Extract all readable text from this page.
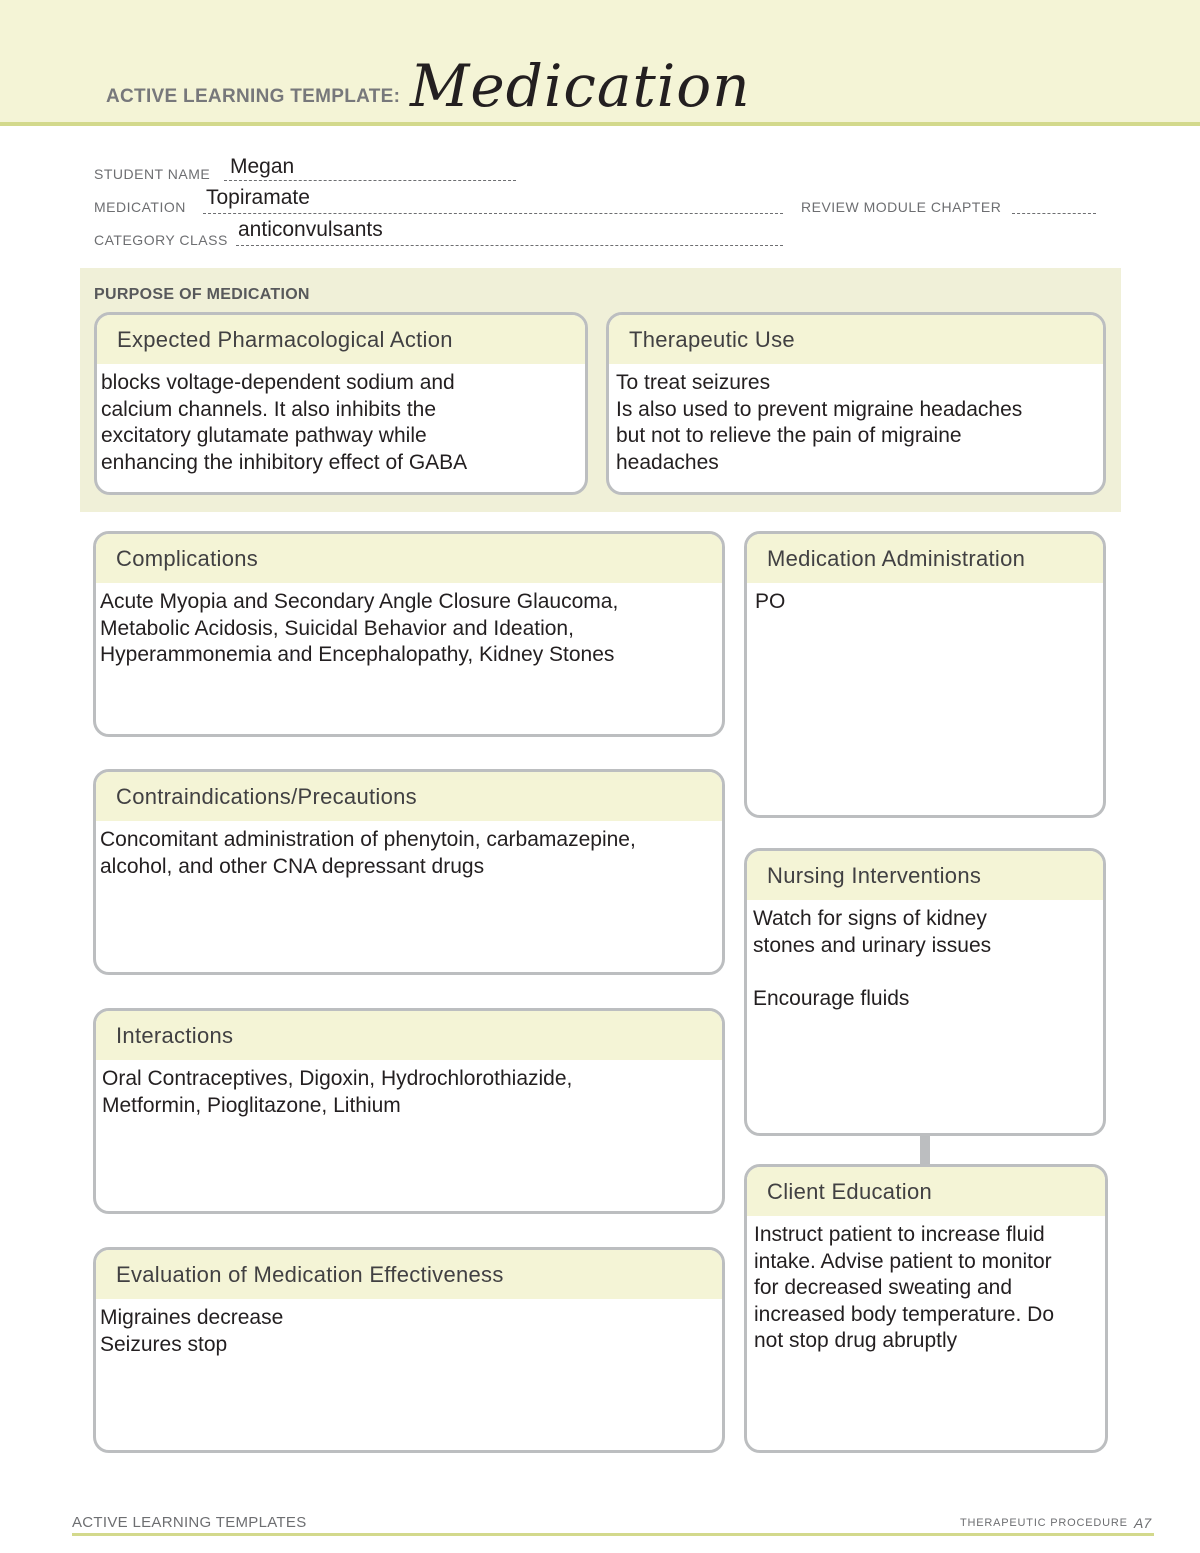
ACTIVE LEARNING TEMPLATE: Medication
STUDENT NAME Megan
MEDICATION Topiramate	REVIEW MODULE CHAPTER
CATEGORY CLASS anticonvulsants
PURPOSE OF MEDICATION
Expected Pharmacological Action
blocks voltage-dependent sodium and
calcium channels. It also inhibits the
excitatory glutamate pathway while
enhancing the inhibitory effect of GABA
Therapeutic Use
To treat seizures
Is also used to prevent migraine headaches
but not to relieve the pain of migraine
headaches
Complications
Acute Myopia and Secondary Angle Closure Glaucoma,
Metabolic Acidosis, Suicidal Behavior and Ideation,
Hyperammonemia and Encephalopathy, Kidney Stones
Contraindications/Precautions
Concomitant administration of phenytoin, carbamazepine,
alcohol, and other CNA depressant drugs
Interactions
Oral Contraceptives, Digoxin, Hydrochlorothiazide,
Metformin, Pioglitazone, Lithium
Evaluation of Medication Effectiveness
Migraines decrease
Seizures stop
Medication Administration
PO
Nursing Interventions
Watch for signs of kidney
stones and urinary issues

Encourage fluids
Client Education
Instruct patient to increase fluid
intake. Advise patient to monitor
for decreased sweating and
increased body temperature. Do
not stop drug abruptly
ACTIVE LEARNING TEMPLATES	THERAPEUTIC PROCEDURE A7
